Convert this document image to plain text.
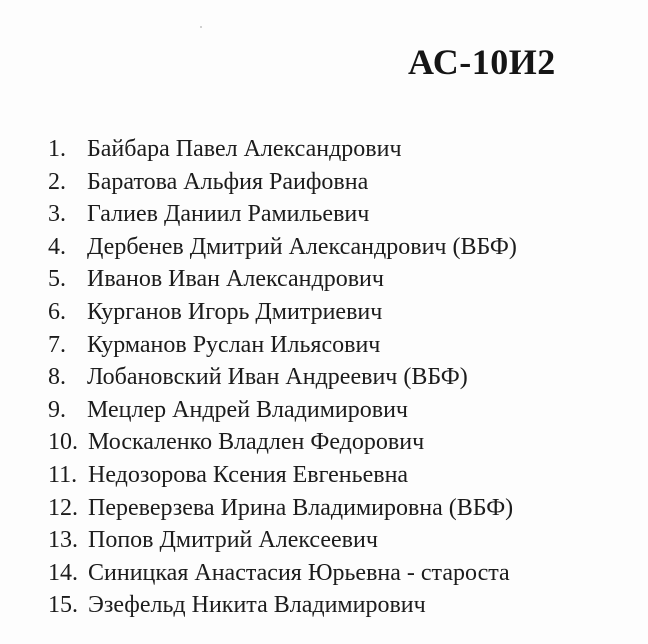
АС-10И2
1. Байбара Павел Александрович
2. Баратова Альфия Раифовна
3. Галиев Даниил Рамильевич
4. Дербенев Дмитрий Александрович (ВБФ)
5. Иванов Иван Александрович
6. Курганов Игорь Дмитриевич
7. Курманов Руслан Ильясович
8. Лобановский Иван Андреевич (ВБФ)
9. Мецлер Андрей Владимирович
10. Москаленко Владлен Федорович
11. Недозорова Ксения Евгеньевна
12. Переверзева Ирина Владимировна (ВБФ)
13. Попов Дмитрий Алексеевич
14. Синицкая Анастасия Юрьевна - староста
15. Эзефельд Никита Владимирович
